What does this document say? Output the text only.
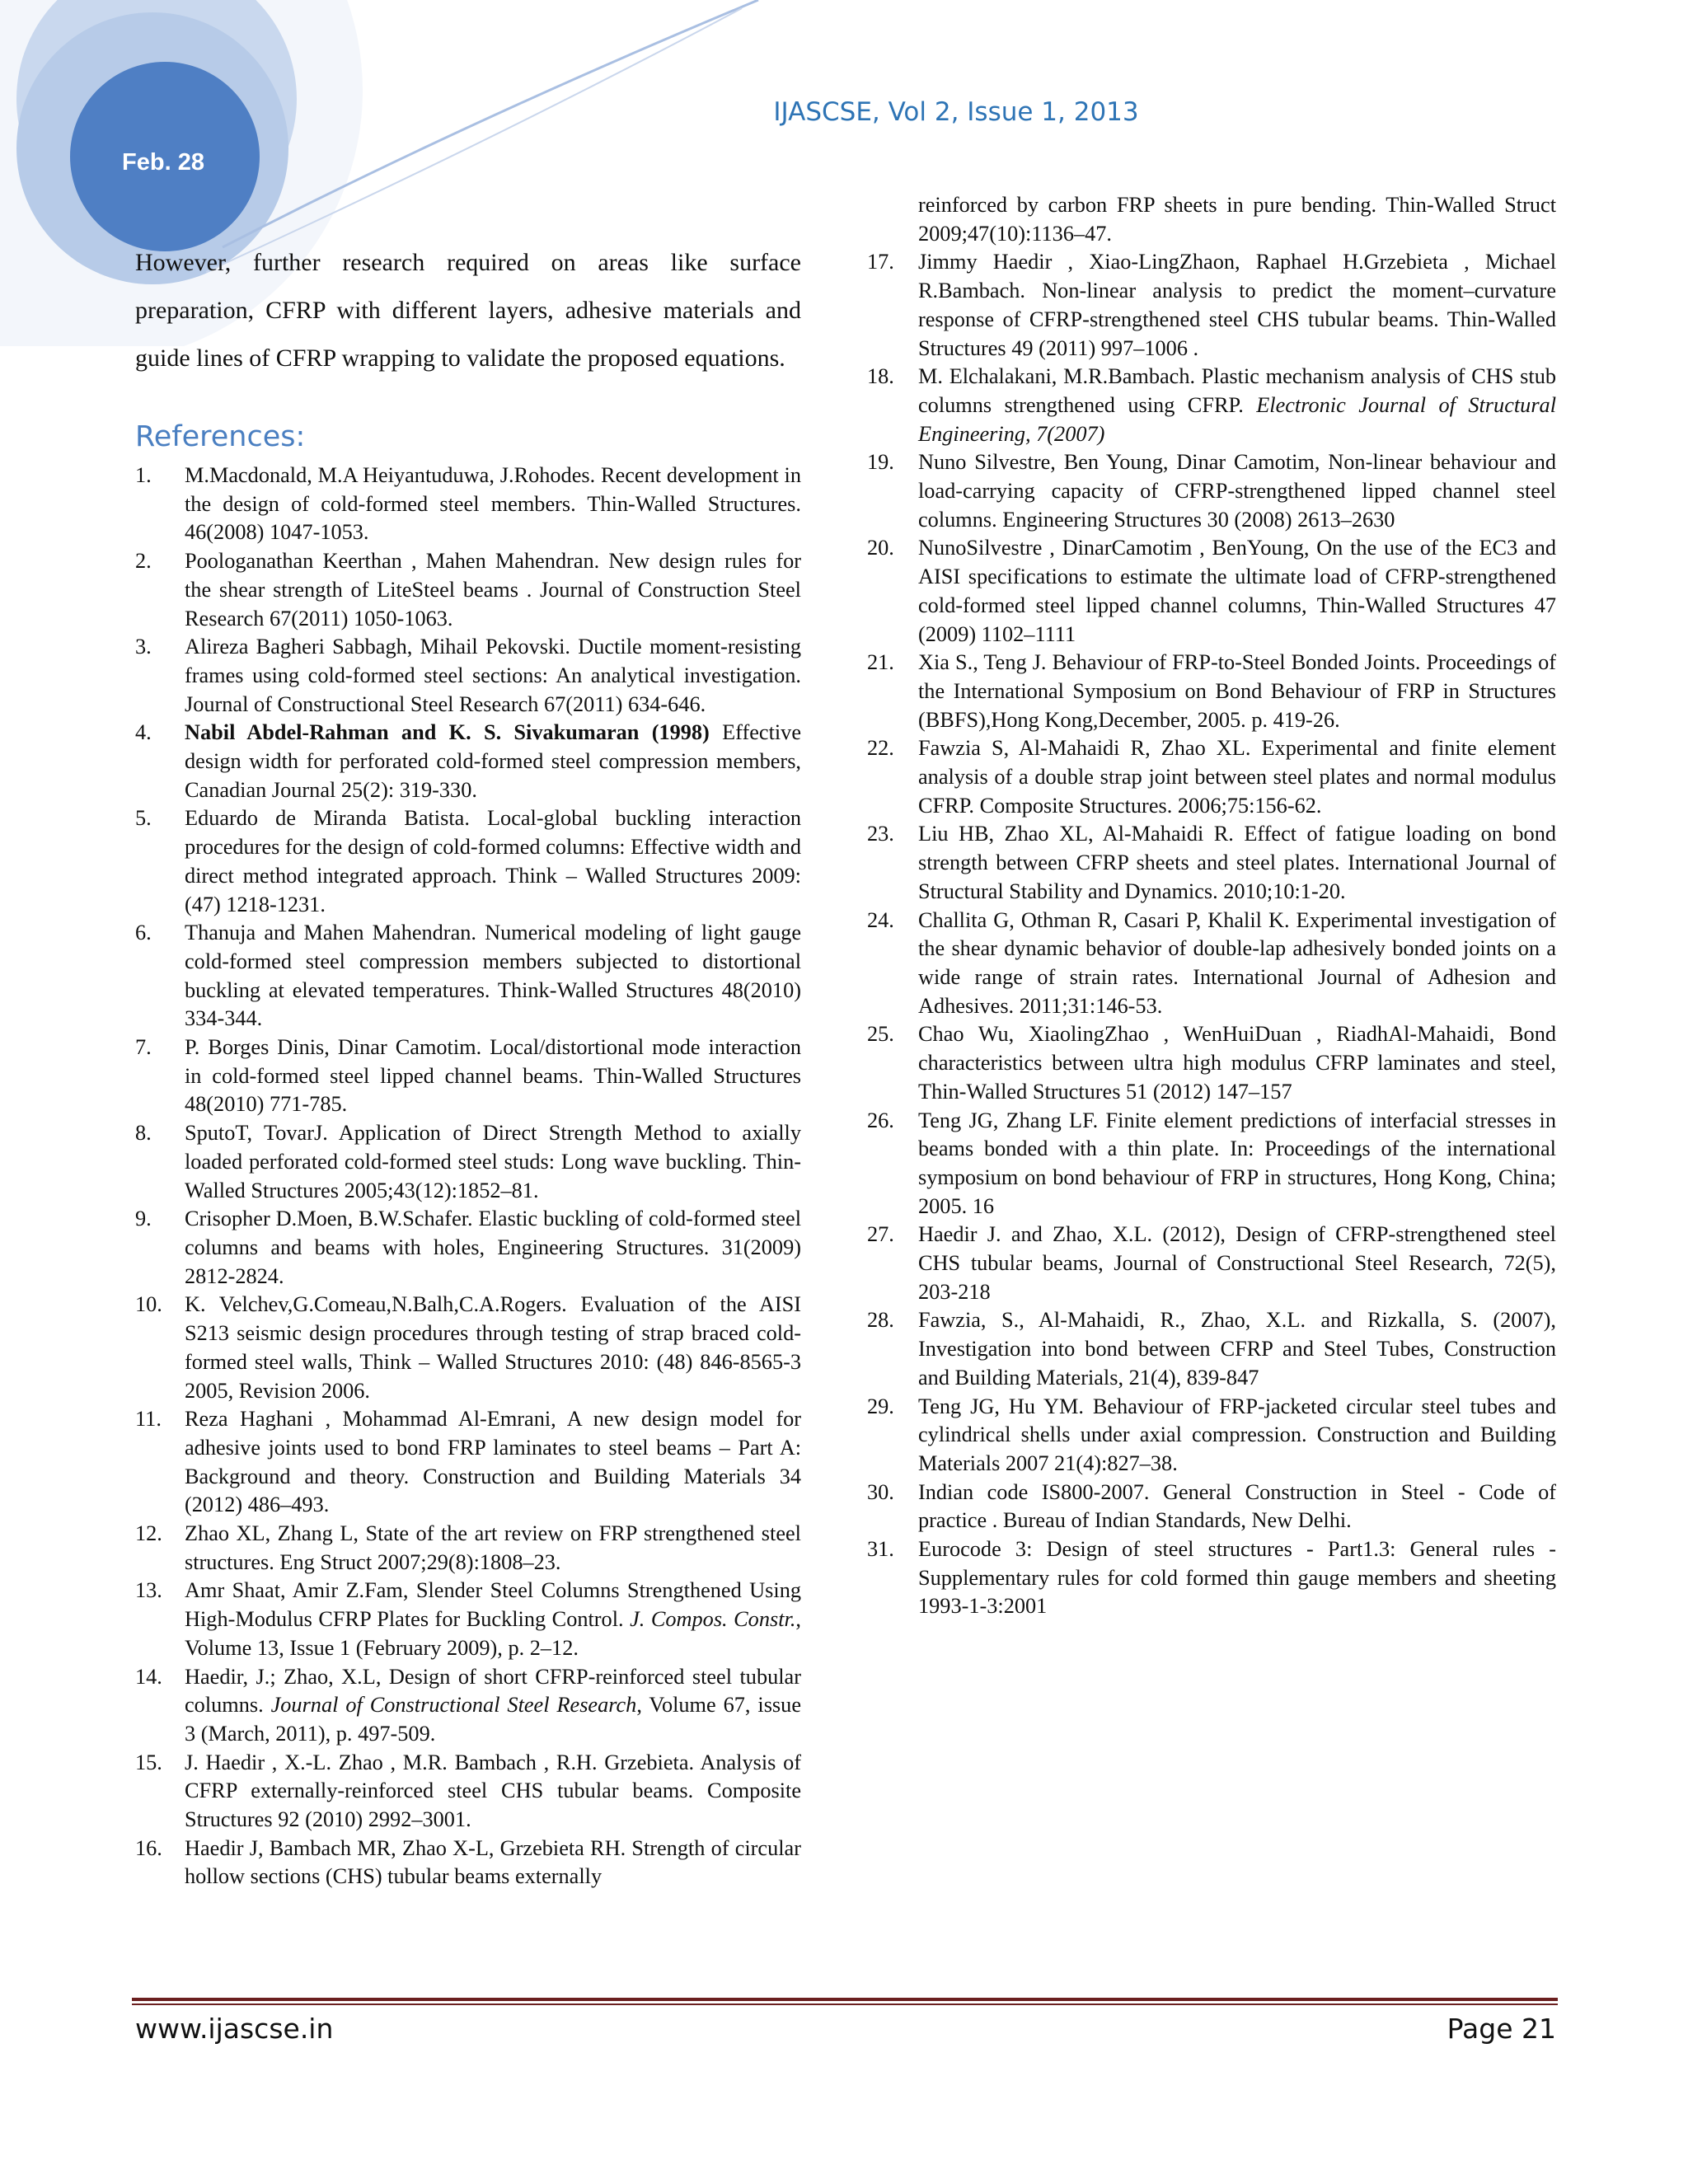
Feb. 28
IJASCSE, Vol 2, Issue 1, 2013

However, further research required on areas like surface preparation, CFRP with different layers, adhesive materials and guide lines of CFRP wrapping to validate the proposed equations.

References:
1. M.Macdonald, M.A Heiyantuduwa, J.Rohodes. Recent development in the design of cold-formed steel members. Thin-Walled Structures. 46(2008) 1047-1053.
2. Poologanathan Keerthan , Mahen Mahendran. New design rules for the shear strength of LiteSteel beams . Journal of Construction Steel Research 67(2011) 1050-1063.
3. Alireza Bagheri Sabbagh, Mihail Pekovski. Ductile moment-resisting frames using cold-formed steel sections: An analytical investigation. Journal of Constructional Steel Research 67(2011) 634-646.
4. Nabil Abdel-Rahman and K. S. Sivakumaran (1998) Effective design width for perforated cold-formed steel compression members, Canadian Journal 25(2): 319-330.
5. Eduardo de Miranda Batista. Local-global buckling interaction procedures for the design of cold-formed columns: Effective width and direct method integrated approach. Think – Walled Structures 2009: (47) 1218-1231.
6. Thanuja and Mahen Mahendran. Numerical modeling of light gauge cold-formed steel compression members subjected to distortional buckling at elevated temperatures. Think-Walled Structures 48(2010) 334-344.
7. P. Borges Dinis, Dinar Camotim. Local/distortional mode interaction in cold-formed steel lipped channel beams. Thin-Walled Structures 48(2010) 771-785.
8. SputoT, TovarJ. Application of Direct Strength Method to axially loaded perforated cold-formed steel studs: Long wave buckling. Thin-Walled Structures 2005;43(12):1852–81.
9. Crisopher D.Moen, B.W.Schafer. Elastic buckling of cold-formed steel columns and beams with holes, Engineering Structures. 31(2009) 2812-2824.
10. K. Velchev,G.Comeau,N.Balh,C.A.Rogers. Evaluation of the AISI S213 seismic design procedures through testing of strap braced cold-formed steel walls, Think – Walled Structures 2010: (48) 846-8565-3 2005, Revision 2006.
11. Reza Haghani , Mohammad Al-Emrani, A new design model for adhesive joints used to bond FRP laminates to steel beams – Part A: Background and theory. Construction and Building Materials 34 (2012) 486–493.
12. Zhao XL, Zhang L, State of the art review on FRP strengthened steel structures. Eng Struct 2007;29(8):1808–23.
13. Amr Shaat, Amir Z.Fam, Slender Steel Columns Strengthened Using High-Modulus CFRP Plates for Buckling Control. J. Compos. Constr., Volume 13, Issue 1 (February 2009), p. 2–12.
14. Haedir, J.; Zhao, X.L, Design of short CFRP-reinforced steel tubular columns. Journal of Constructional Steel Research, Volume 67, issue 3 (March, 2011), p. 497-509.
15. J. Haedir , X.-L. Zhao , M.R. Bambach , R.H. Grzebieta. Analysis of CFRP externally-reinforced steel CHS tubular beams. Composite Structures 92 (2010) 2992–3001.
16. Haedir J, Bambach MR, Zhao X-L, Grzebieta RH. Strength of circular hollow sections (CHS) tubular beams externally
reinforced by carbon FRP sheets in pure bending. Thin-Walled Struct 2009;47(10):1136–47.
17. Jimmy Haedir , Xiao-LingZhaon, Raphael H.Grzebieta , Michael R.Bambach. Non-linear analysis to predict the moment–curvature response of CFRP-strengthened steel CHS tubular beams. Thin-Walled Structures 49 (2011) 997–1006 .
18. M. Elchalakani, M.R.Bambach. Plastic mechanism analysis of CHS stub columns strengthened using CFRP. Electronic Journal of Structural Engineering, 7(2007)
19. Nuno Silvestre, Ben Young, Dinar Camotim, Non-linear behaviour and load-carrying capacity of CFRP-strengthened lipped channel steel columns. Engineering Structures 30 (2008) 2613–2630
20. NunoSilvestre , DinarCamotim , BenYoung, On the use of the EC3 and AISI specifications to estimate the ultimate load of CFRP-strengthened cold-formed steel lipped channel columns, Thin-Walled Structures 47 (2009) 1102–1111
21. Xia S., Teng J. Behaviour of FRP-to-Steel Bonded Joints. Proceedings of the International Symposium on Bond Behaviour of FRP in Structures (BBFS),Hong Kong,December, 2005. p. 419-26.
22. Fawzia S, Al-Mahaidi R, Zhao XL. Experimental and finite element analysis of a double strap joint between steel plates and normal modulus CFRP. Composite Structures. 2006;75:156-62.
23. Liu HB, Zhao XL, Al-Mahaidi R. Effect of fatigue loading on bond strength between CFRP sheets and steel plates. International Journal of Structural Stability and Dynamics. 2010;10:1-20.
24. Challita G, Othman R, Casari P, Khalil K. Experimental investigation of the shear dynamic behavior of double-lap adhesively bonded joints on a wide range of strain rates. International Journal of Adhesion and Adhesives. 2011;31:146-53.
25. Chao Wu, XiaolingZhao , WenHuiDuan , RiadhAl-Mahaidi, Bond characteristics between ultra high modulus CFRP laminates and steel, Thin-Walled Structures 51 (2012) 147–157
26. Teng JG, Zhang LF. Finite element predictions of interfacial stresses in beams bonded with a thin plate. In: Proceedings of the international symposium on bond behaviour of FRP in structures, Hong Kong, China; 2005. 16
27. Haedir J. and Zhao, X.L. (2012), Design of CFRP-strengthened steel CHS tubular beams, Journal of Constructional Steel Research, 72(5), 203-218
28. Fawzia, S., Al-Mahaidi, R., Zhao, X.L. and Rizkalla, S. (2007), Investigation into bond between CFRP and Steel Tubes, Construction and Building Materials, 21(4), 839-847
29. Teng JG, Hu YM. Behaviour of FRP-jacketed circular steel tubes and cylindrical shells under axial compression. Construction and Building Materials 2007 21(4):827–38.
30. Indian code IS800-2007. General Construction in Steel - Code of practice . Bureau of Indian Standards, New Delhi.
31. Eurocode 3: Design of steel structures - Part1.3: General rules - Supplementary rules for cold formed thin gauge members and sheeting 1993-1-3:2001
www.ijascse.in	Page 21
